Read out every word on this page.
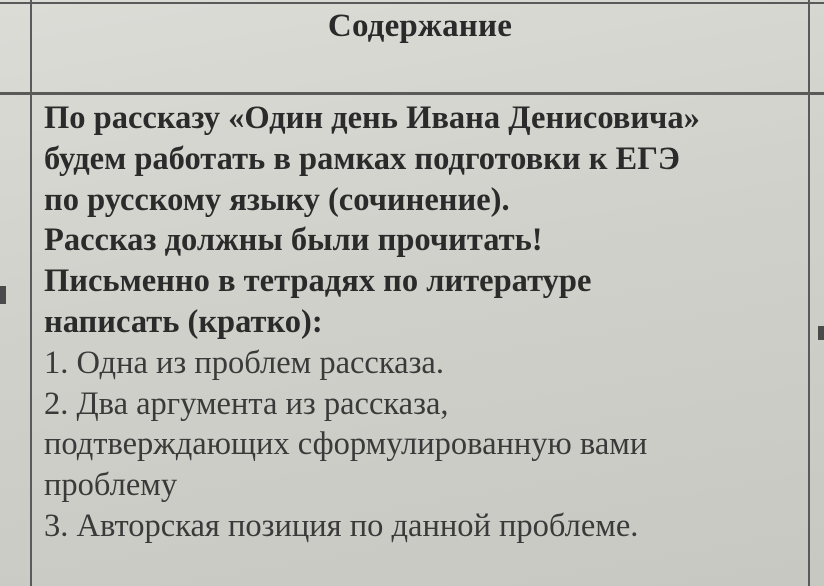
Содержание
По рассказу «Один день Ивана Денисовича»
будем работать в рамках подготовки к ЕГЭ
по русскому языку (сочинение).
Рассказ должны были прочитать!
Письменно в тетрадях по литературе
написать (кратко):
1. Одна из проблем рассказа.
2. Два аргумента из рассказа,
подтверждающих сформулированную вами
проблему
3. Авторская позиция по данной проблеме.
